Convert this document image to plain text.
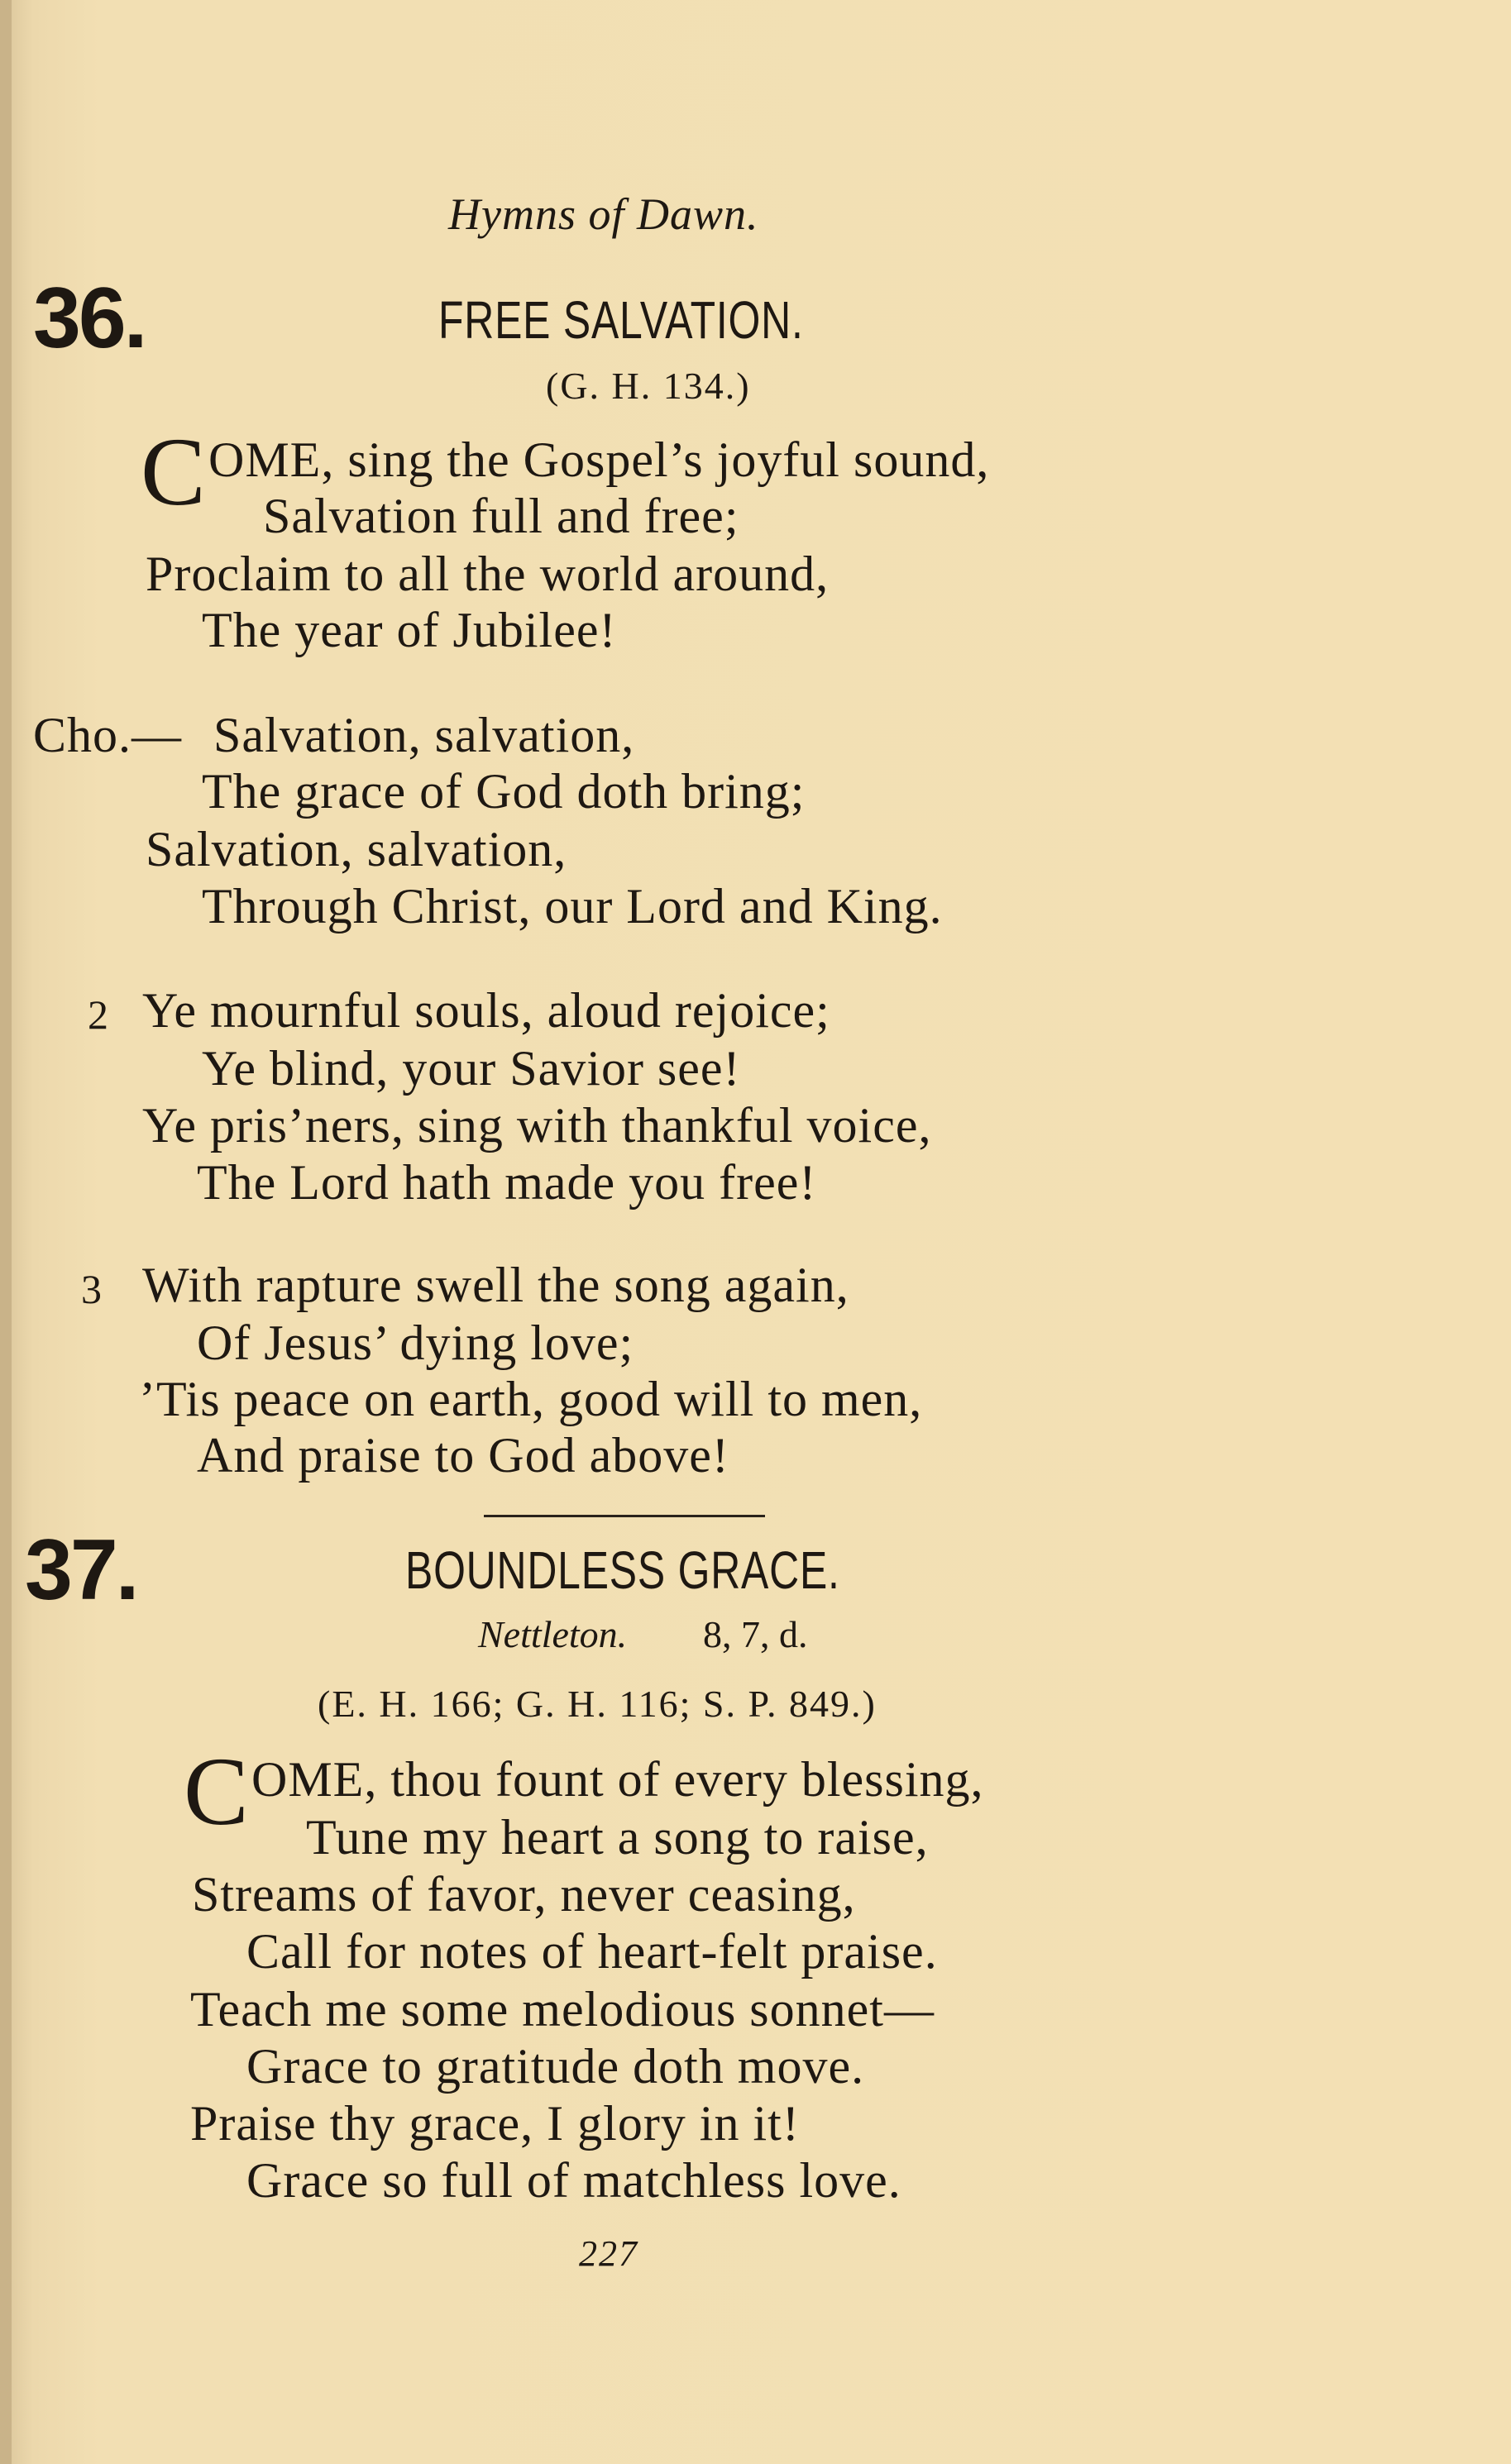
Hymns of Dawn.
36.	FREE SALVATION.
(G. H. 134.)
C OME, sing the Gospel’s joyful sound,
Salvation full and free;
Proclaim to all the world around,
The year of Jubilee!
Cho.— Salvation, salvation,
The grace of God doth bring;
Salvation, salvation,
Through Christ, our Lord and King.
2 Ye mournful souls, aloud rejoice;
Ye blind, your Savior see!
Ye pris’ners, sing with thankful voice,
The Lord hath made you free!
3 With rapture swell the song again,
Of Jesus’ dying love;
’Tis peace on earth, good will to men,
And praise to God above!
37.	BOUNDLESS GRACE.
Nettleton. 8, 7, d.
(E. H. 166; G. H. 116; S. P. 849.)
C OME, thou fount of every blessing,
Tune my heart a song to raise,
Streams of favor, never ceasing,
Call for notes of heart-felt praise.
Teach me some melodious sonnet—
Grace to gratitude doth move.
Praise thy grace, I glory in it!
Grace so full of matchless love.
227
